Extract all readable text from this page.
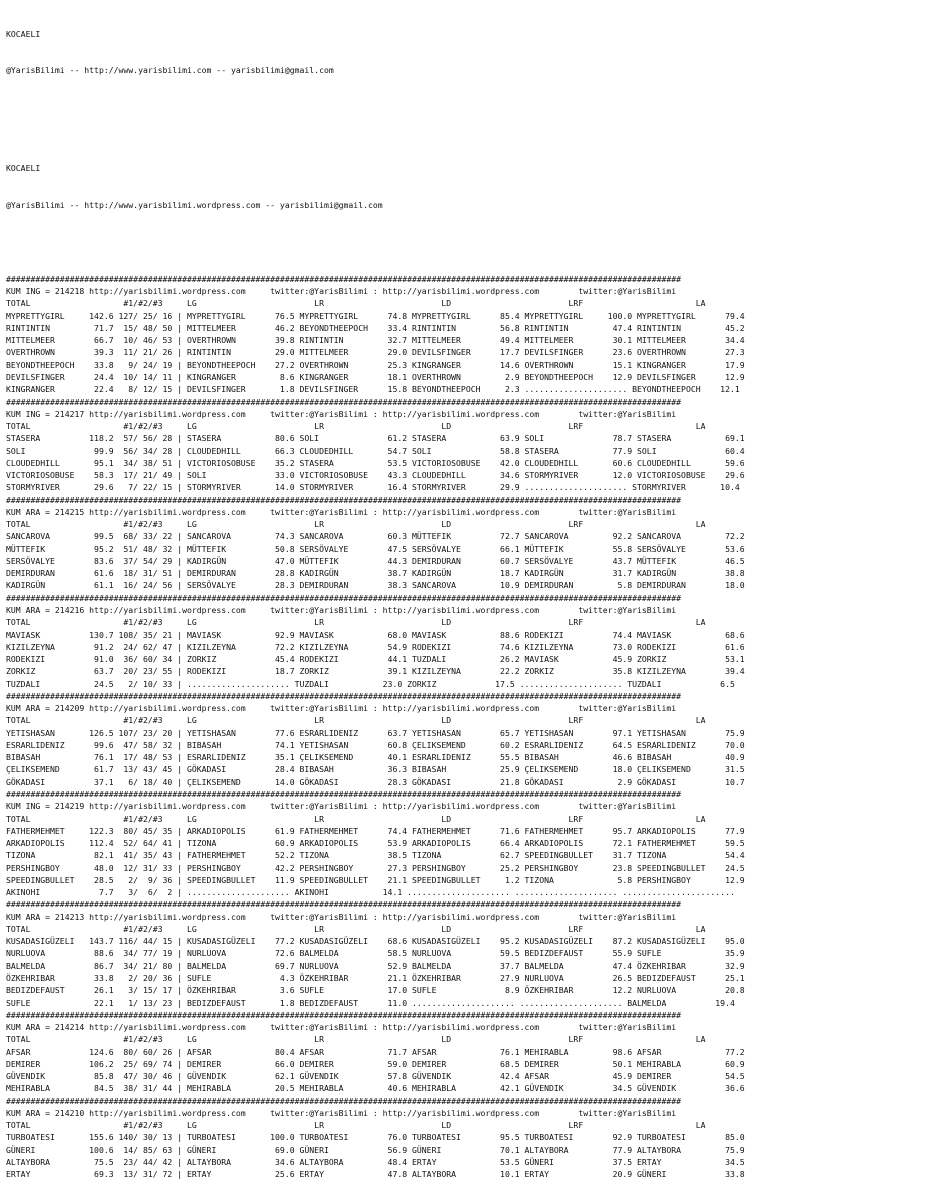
KOCAELI

@YarisBilimi -- http://www.yarisbilimi.com -- yarisbilimi@gmail.com

KOCAELI

@YarisBilimi -- http://www.yarisbilimi.wordpress.com -- yarisbilimi@gmail.com

##########################################################################################################################################
KUM ING = 214218 http://yarisbilimi.wordpress.com     twitter:@YarisBilimi : http://yarisbilimi.wordpress.com        twitter:@YarisBilimi
TOTAL                   #1/#2/#3     LG                        LR                        LD                        LRF                       LA
MYPRETTYGIRL     142.6 127/ 25/ 16 | MYPRETTYGIRL      76.5 MYPRETTYGIRL      74.8 MYPRETTYGIRL      85.4 MYPRETTYGIRL     100.0 MYPRETTYGIRL      79.4
RINTINTIN         71.7  15/ 48/ 50 | MITTELMEER        46.2 BEYONDTHEEPOCH    33.4 RINTINTIN         56.8 RINTINTIN         47.4 RINTINTIN         45.2
MITTELMEER        66.7  10/ 46/ 53 | OVERTHROWN        39.8 RINTINTIN         32.7 MITTELMEER        49.4 MITTELMEER        30.1 MITTELMEER        34.4
OVERTHROWN        39.3  11/ 21/ 26 | RINTINTIN         29.0 MITTELMEER        29.0 DEVILSFINGER      17.7 DEVILSFINGER      23.6 OVERTHROWN        27.3
BEYONDTHEEPOCH    33.8   9/ 24/ 19 | BEYONDTHEEPOCH    27.2 OVERTHROWN        25.3 KINGRANGER        14.6 OVERTHROWN        15.1 KINGRANGER        17.9
DEVILSFINGER      24.4  10/ 14/ 11 | KINGRANGER         8.6 KINGRANGER        18.1 OVERTHROWN         2.9 BEYONDTHEEPOCH    12.9 DEVILSFINGER      12.9
KINGRANGER        22.4   8/ 12/ 15 | DEVILSFINGER       1.8 DEVILSFINGER      15.8 BEYONDTHEEPOCH     2.3 ..................... BEYONDTHEEPOCH    12.1
##########################################################################################################################################
KUM ING = 214217 http://yarisbilimi.wordpress.com     twitter:@YarisBilimi : http://yarisbilimi.wordpress.com        twitter:@YarisBilimi
TOTAL                   #1/#2/#3     LG                        LR                        LD                        LRF                       LA
STASERA          118.2  57/ 56/ 28 | STASERA           80.6 SOLI              61.2 STASERA           63.9 SOLI              78.7 STASERA           69.1
SOLI              99.9  56/ 34/ 28 | CLOUDEDHILL       66.3 CLOUDEDHILL       54.7 SOLI              58.8 STASERA           77.9 SOLI              60.4
CLOUDEDHILL       95.1  34/ 38/ 51 | VICTORIOSOBUSE    35.2 STASERA           53.5 VICTORIOSOBUSE    42.0 CLOUDEDHILL       60.6 CLOUDEDHILL       59.6
VICTORIOSOBUSE    58.3  17/ 21/ 49 | SOLI              33.0 VICTORIOSOBUSE    43.3 CLOUDEDHILL       34.6 STORMYRIVER       12.0 VICTORIOSOBUSE    29.6
STORMYRIVER       29.6   7/ 22/ 15 | STORMYRIVER       14.0 STORMYRIVER       16.4 STORMYRIVER       29.9 ..................... STORMYRIVER       10.4
##########################################################################################################################################
KUM ARA = 214215 http://yarisbilimi.wordpress.com     twitter:@YarisBilimi : http://yarisbilimi.wordpress.com        twitter:@YarisBilimi
TOTAL                   #1/#2/#3     LG                        LR                        LD                        LRF                       LA
SANCAROVA         99.5  68/ 33/ 22 | SANCAROVA         74.3 SANCAROVA         60.3 MÜTTEFIK          72.7 SANCAROVA         92.2 SANCAROVA         72.2
MÜTTEFIK          95.2  51/ 48/ 32 | MÜTTEFIK          50.8 SERSÖVALYE        47.5 SERSÖVALYE        66.1 MÜTTEFIK          55.8 SERSÖVALYE        53.6
SERSÖVALYE        83.6  37/ 54/ 29 | KADIRGÜN          47.0 MÜTTEFIK          44.3 DEMIRDURAN        60.7 SERSÖVALYE        43.7 MÜTTEFIK          46.5
DEMIRDURAN        61.6  18/ 31/ 51 | DEMIRDURAN        28.8 KADIRGÜN          38.7 KADIRGÜN          18.7 KADIRGÜN          31.7 KADIRGÜN          38.8
KADIRGÜN          61.1  16/ 24/ 56 | SERSÖVALYE        28.3 DEMIRDURAN        38.3 SANCAROVA         10.9 DEMIRDURAN         5.8 DEMIRDURAN        18.0
##########################################################################################################################################
KUM ARA = 214216 http://yarisbilimi.wordpress.com     twitter:@YarisBilimi : http://yarisbilimi.wordpress.com        twitter:@YarisBilimi
TOTAL                   #1/#2/#3     LG                        LR                        LD                        LRF                       LA
MAVIASK          130.7 108/ 35/ 21 | MAVIASK           92.9 MAVIASK           68.0 MAVIASK           88.6 RODEKIZI          74.4 MAVIASK           68.6
KIZILZEYNA        91.2  24/ 62/ 47 | KIZILZEYNA        72.2 KIZILZEYNA        54.9 RODEKIZI          74.6 KIZILZEYNA        73.0 RODEKIZI          61.6
RODEKIZI          91.0  36/ 60/ 34 | ZORKIZ            45.4 RODEKIZI          44.1 TUZDALI           26.2 MAVIASK           45.9 ZORKIZ            53.1
ZORKIZ            63.7  20/ 23/ 55 | RODEKIZI          18.7 ZORKIZ            39.1 KIZILZEYNA        22.2 ZORKIZ            35.8 KIZILZEYNA        39.4
TUZDALI           24.5   2/ 10/ 33 | ..................... TUZDALI           23.0 ZORKIZ            17.5 ..................... TUZDALI            6.5
##########################################################################################################################################
KUM ARA = 214209 http://yarisbilimi.wordpress.com     twitter:@YarisBilimi : http://yarisbilimi.wordpress.com        twitter:@YarisBilimi
TOTAL                   #1/#2/#3     LG                        LR                        LD                        LRF                       LA
YETISHASAN       126.5 107/ 23/ 20 | YETISHASAN        77.6 ESRARLIDENIZ      63.7 YETISHASAN        65.7 YETISHASAN        97.1 YETISHASAN        75.9
ESRARLIDENIZ      99.6  47/ 58/ 32 | BIBASAH           74.1 YETISHASAN        60.8 ÇELIKSEMEND       60.2 ESRARLIDENIZ      64.5 ESRARLIDENIZ      70.0
BIBASAH           76.1  17/ 48/ 53 | ESRARLIDENIZ      35.1 ÇELIKSEMEND       40.1 ESRARLIDENIZ      55.5 BIBASAH           46.6 BIBASAH           40.9
ÇELIKSEMEND       61.7  13/ 43/ 45 | GÖKADASI          28.4 BIBASAH           36.3 BIBASAH           25.9 ÇELIKSEMEND       18.0 ÇELIKSEMEND       31.5
GÖKADASI          37.1   6/ 18/ 40 | ÇELIKSEMEND       14.0 GÖKADASI          28.3 GÖKADASI          21.8 GÖKADASI           2.9 GÖKADASI          10.7
##########################################################################################################################################
KUM ING = 214219 http://yarisbilimi.wordpress.com     twitter:@YarisBilimi : http://yarisbilimi.wordpress.com        twitter:@YarisBilimi
TOTAL                   #1/#2/#3     LG                        LR                        LD                        LRF                       LA
FATHERMEHMET     122.3  80/ 45/ 35 | ARKADIOPOLIS      61.9 FATHERMEHMET      74.4 FATHERMEHMET      71.6 FATHERMEHMET      95.7 ARKADIOPOLIS      77.9
ARKADIOPOLIS     112.4  52/ 64/ 41 | TIZONA            60.9 ARKADIOPOLIS      53.9 ARKADIOPOLIS      66.4 ARKADIOPOLIS      72.1 FATHERMEHMET      59.5
TIZONA            82.1  41/ 35/ 43 | FATHERMEHMET      52.2 TIZONA            38.5 TIZONA            62.7 SPEEDINGBULLET    31.7 TIZONA            54.4
PERSHINGBOY       48.0  12/ 31/ 33 | PERSHINGBOY       42.2 PERSHINGBOY       27.3 PERSHINGBOY       25.2 PERSHINGBOY       23.8 SPEEDINGBULLET    24.5
SPEEDINGBULLET    28.5   2/  9/ 36 | SPEEDINGBULLET    11.9 SPEEDINGBULLET    21.1 SPEEDINGBULLET     1.2 TIZONA             5.8 PERSHINGBOY       12.9
AKINOHI            7.7   3/  6/  2 | ..................... AKINOHI           14.1 ..................... ..................... .......................
##########################################################################################################################################
KUM ARA = 214213 http://yarisbilimi.wordpress.com     twitter:@YarisBilimi : http://yarisbilimi.wordpress.com        twitter:@YarisBilimi
TOTAL                   #1/#2/#3     LG                        LR                        LD                        LRF                       LA
KUSADASIGÜZELI   143.7 116/ 44/ 15 | KUSADASIGÜZELI    77.2 KUSADASIGÜZELI    68.6 KUSADASIGÜZELI    95.2 KUSADASIGÜZELI    87.2 KUSADASIGÜZELI    95.0
NURLUOVA          88.6  34/ 77/ 19 | NURLUOVA          72.6 BALMELDA          58.5 NURLUOVA          59.5 BEDIZDEFAUST      55.9 SUFLE             35.9
BALMELDA          86.7  34/ 21/ 80 | BALMELDA          69.7 NURLUOVA          52.9 BALMELDA          37.7 BALMELDA          47.4 ÖZKEHRIBAR        32.9
ÖZKEHRIBAR        33.8   2/ 20/ 36 | SUFLE              4.3 ÖZKEHRIBAR        21.1 ÖZKEHRIBAR        27.9 NURLUOVA          26.5 BEDIZDEFAUST      25.1
BEDIZDEFAUST      26.1   3/ 15/ 17 | ÖZKEHRIBAR         3.6 SUFLE             17.0 SUFLE              8.9 ÖZKEHRIBAR        12.2 NURLUOVA          20.8
SUFLE             22.1   1/ 13/ 23 | BEDIZDEFAUST       1.8 BEDIZDEFAUST      11.0 ..................... ..................... BALMELDA          19.4
##########################################################################################################################################
KUM ARA = 214214 http://yarisbilimi.wordpress.com     twitter:@YarisBilimi : http://yarisbilimi.wordpress.com        twitter:@YarisBilimi
TOTAL                   #1/#2/#3     LG                        LR                        LD                        LRF                       LA
AFSAR            124.6  80/ 60/ 26 | AFSAR             80.4 AFSAR             71.7 AFSAR             76.1 MEHIRABLA         98.6 AFSAR             77.2
DEMIRER          106.2  25/ 69/ 74 | DEMIRER           66.0 DEMIRER           59.0 DEMIRER           68.5 DEMIRER           50.1 MEHIRABLA         60.9
GÜVENDIK          85.8  47/ 30/ 46 | GÜVENDIK          62.1 GÜVENDIK          57.8 GÜVENDIK          42.4 AFSAR             45.9 DEMIRER           54.5
MEHIRABLA         84.5  38/ 31/ 44 | MEHIRABLA         20.5 MEHIRABLA         40.6 MEHIRABLA         42.1 GÜVENDIK          34.5 GÜVENDIK          36.6
##########################################################################################################################################
KUM ARA = 214210 http://yarisbilimi.wordpress.com     twitter:@YarisBilimi : http://yarisbilimi.wordpress.com        twitter:@YarisBilimi
TOTAL                   #1/#2/#3     LG                        LR                        LD                        LRF                       LA
TURBOATESI       155.6 140/ 30/ 13 | TURBOATESI       100.0 TURBOATESI        76.0 TURBOATESI        95.5 TURBOATESI        92.9 TURBOATESI        85.0
GÜNERI           100.6  14/ 85/ 63 | GÜNERI            69.0 GÜNERI            56.9 GÜNERI            70.1 ALTAYBORA         77.9 ALTAYBORA         75.9
ALTAYBORA         75.5  23/ 44/ 42 | ALTAYBORA         34.6 ALTAYBORA         48.4 ERTAY             53.5 GÜNERI            37.5 ERTAY             34.5
ERTAY             69.3  13/ 31/ 72 | ERTAY             25.6 ERTAY             47.8 ALTAYBORA         10.1 ERTAY             20.9 GÜNERI            33.8
